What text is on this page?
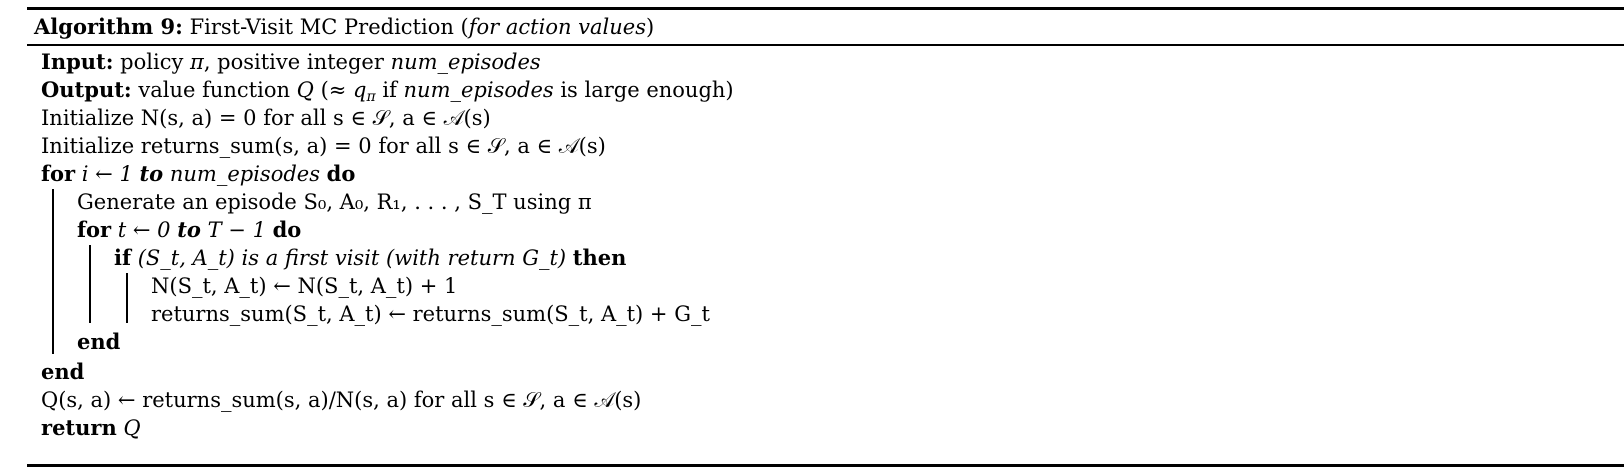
Algorithm 9: First-Visit MC Prediction (for action values)
Input: policy π, positive integer num_episodes
Output: value function Q (≈ $q_\pi$ if num_episodes is large enough)
Initialize N(s, a) = 0 for all s ∈ 𝒮, a ∈ 𝒜(s)
Initialize returns_sum(s, a) = 0 for all s ∈ 𝒮, a ∈ 𝒜(s)
for i ← 1 to num_episodes do
Generate an episode S₀, A₀, R₁, . . . , S_T using π
for t ← 0 to T − 1 do
if (S_t, A_t) is a first visit (with return G_t) then
N(S_t, A_t) ← N(S_t, A_t) + 1
returns_sum(S_t, A_t) ← returns_sum(S_t, A_t) + G_t
end
end
Q(s, a) ← returns_sum(s, a)/N(s, a) for all s ∈ 𝒮, a ∈ 𝒜(s)
return Q
